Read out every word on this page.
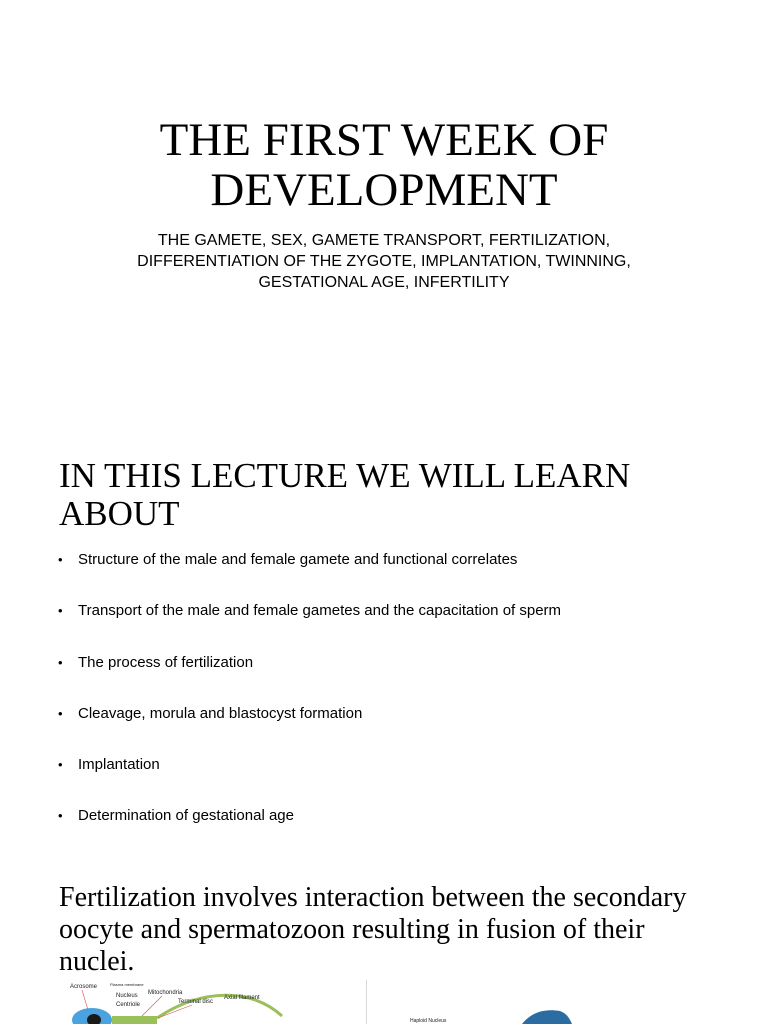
THE FIRST WEEK OF
DEVELOPMENT

THE GAMETE, SEX, GAMETE TRANSPORT, FERTILIZATION,
DIFFERENTIATION OF THE ZYGOTE, IMPLANTATION, TWINNING,
GESTATIONAL AGE, INFERTILITY

IN THIS LECTURE WE WILL LEARN
ABOUT
• Structure of the male and female gamete and functional correlates
• Transport of the male and female gametes and the capacitation of sperm
• The process of fertilization
• Cleavage, morula and blastocyst formation
• Implantation
• Determination of gestational age
Fertilization involves interaction between the secondary
oocyte and spermatozoon resulting in fusion of their
nuclei.
Acrosome	Plasma membrane
Nucleus
Centriole
Mitochondria
Terminal disc
Axial filament
Haploid Nucleus
